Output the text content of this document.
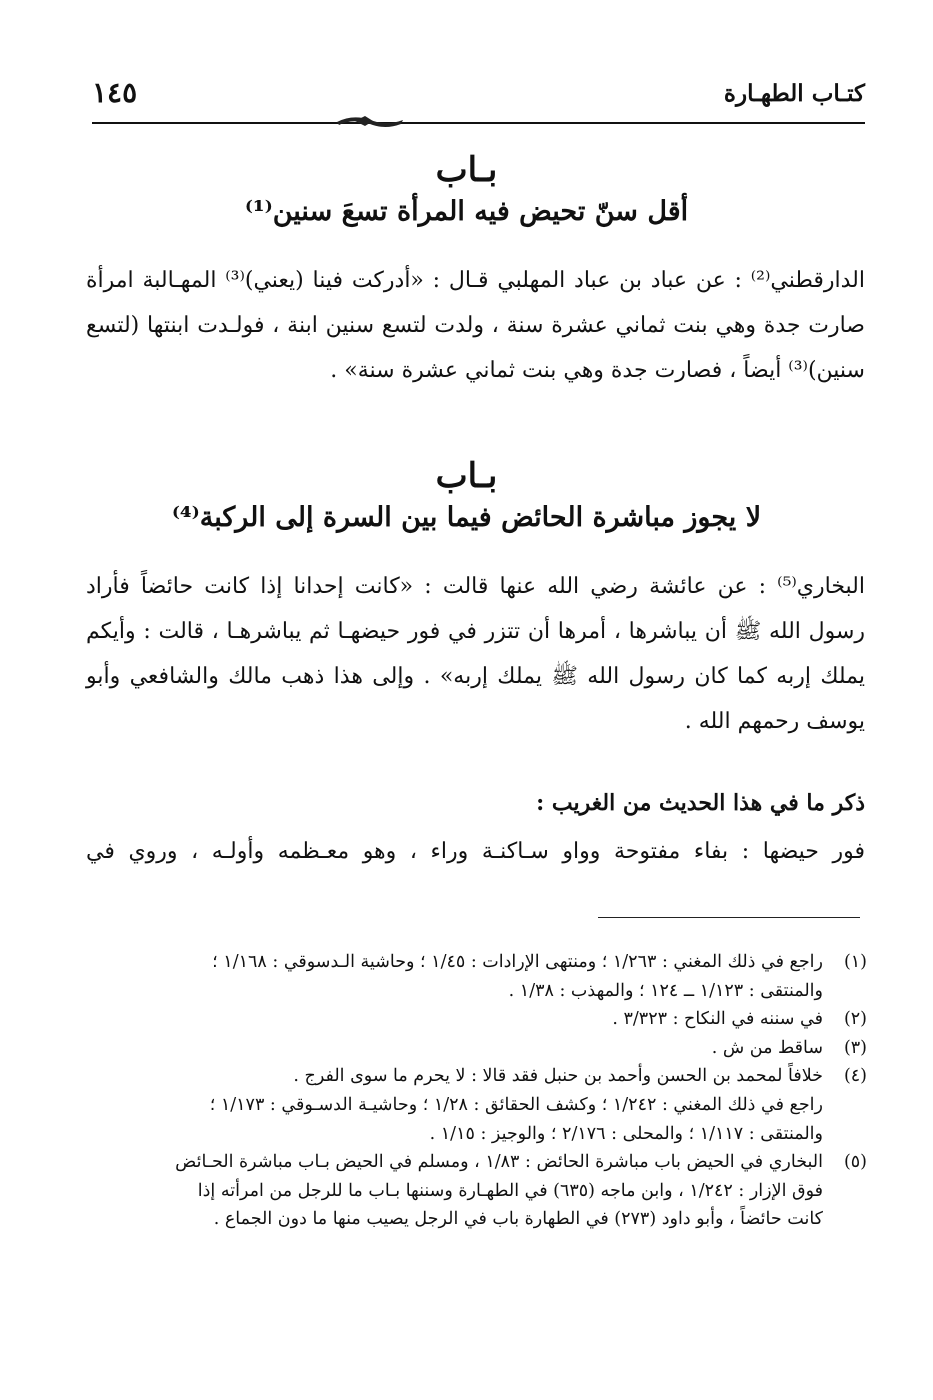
كتـاب الطهـارة
١٤٥
بـاب
أقل سنّ تحيض فيه المرأة تسعَ سنين⁽¹⁾
الدارقطني⁽²⁾ : عن عباد بن عباد المهلبي قـال : «أدركت فينا (يعني)⁽³⁾ المهـالبة امرأة صارت جدة وهي بنت ثماني عشرة سنة ، ولدت لتسع سنين ابنة ، فولـدت ابنتها (لتسع سنين)⁽³⁾ أيضاً ، فصارت جدة وهي بنت ثماني عشرة سنة» .
بـاب
لا يجوز مباشرة الحائض فيما بين السرة إلى الركبة⁽⁴⁾
البخاري⁽⁵⁾ : عن عائشة رضي الله عنها قالت : «كانت إحدانا إذا كانت حائضاً فأراد رسول الله ﷺ أن يباشرها ، أمرها أن تتزر في فور حيضهـا ثم يباشرهـا ، قالت : وأيكم يملك إربه كما كان رسول الله ﷺ يملك إربه» . وإلى هذا ذهب مالك والشافعي وأبو يوسف رحمهم الله .
ذكر ما في هذا الحديث من الغريب :
فور حيضها : بفاء مفتوحة وواو سـاكنـة وراء ، وهو معـظمه وأولـه ، وروي في
(١)
راجع في ذلك المغني : ١/٢٦٣ ؛ ومنتهى الإرادات : ١/٤٥ ؛ وحاشية الـدسوقي : ١/١٦٨ ؛
والمنتقى : ١/١٢٣ ــ ١٢٤ ؛ والمهذب : ١/٣٨ .
(٢)
في سننه في النكاح : ٣/٣٢٣ .
(٣)
ساقط من ش .
(٤)
خلافاً لمحمد بن الحسن وأحمد بن حنبل فقد قالا : لا يحرم ما سوى الفرج .
راجع في ذلك المغني : ١/٢٤٢ ؛ وكشف الحقائق : ١/٢٨ ؛ وحاشيـة الدسـوقي : ١/١٧٣ ؛
والمنتقى : ١/١١٧ ؛ والمحلى : ٢/١٧٦ ؛ والوجيز : ١/١٥ .
(٥)
البخاري في الحيض باب مباشرة الحائض : ١/٨٣ ، ومسلم في الحيض بـاب مباشرة الحـائض
فوق الإزار : ١/٢٤٢ ، وابن ماجه (٦٣٥) في الطهـارة وسننها بـاب ما للرجل من امرأته إذا
كانت حائضاً ، وأبو داود (٢٧٣) في الطهارة باب في الرجل يصيب منها ما دون الجماع .
